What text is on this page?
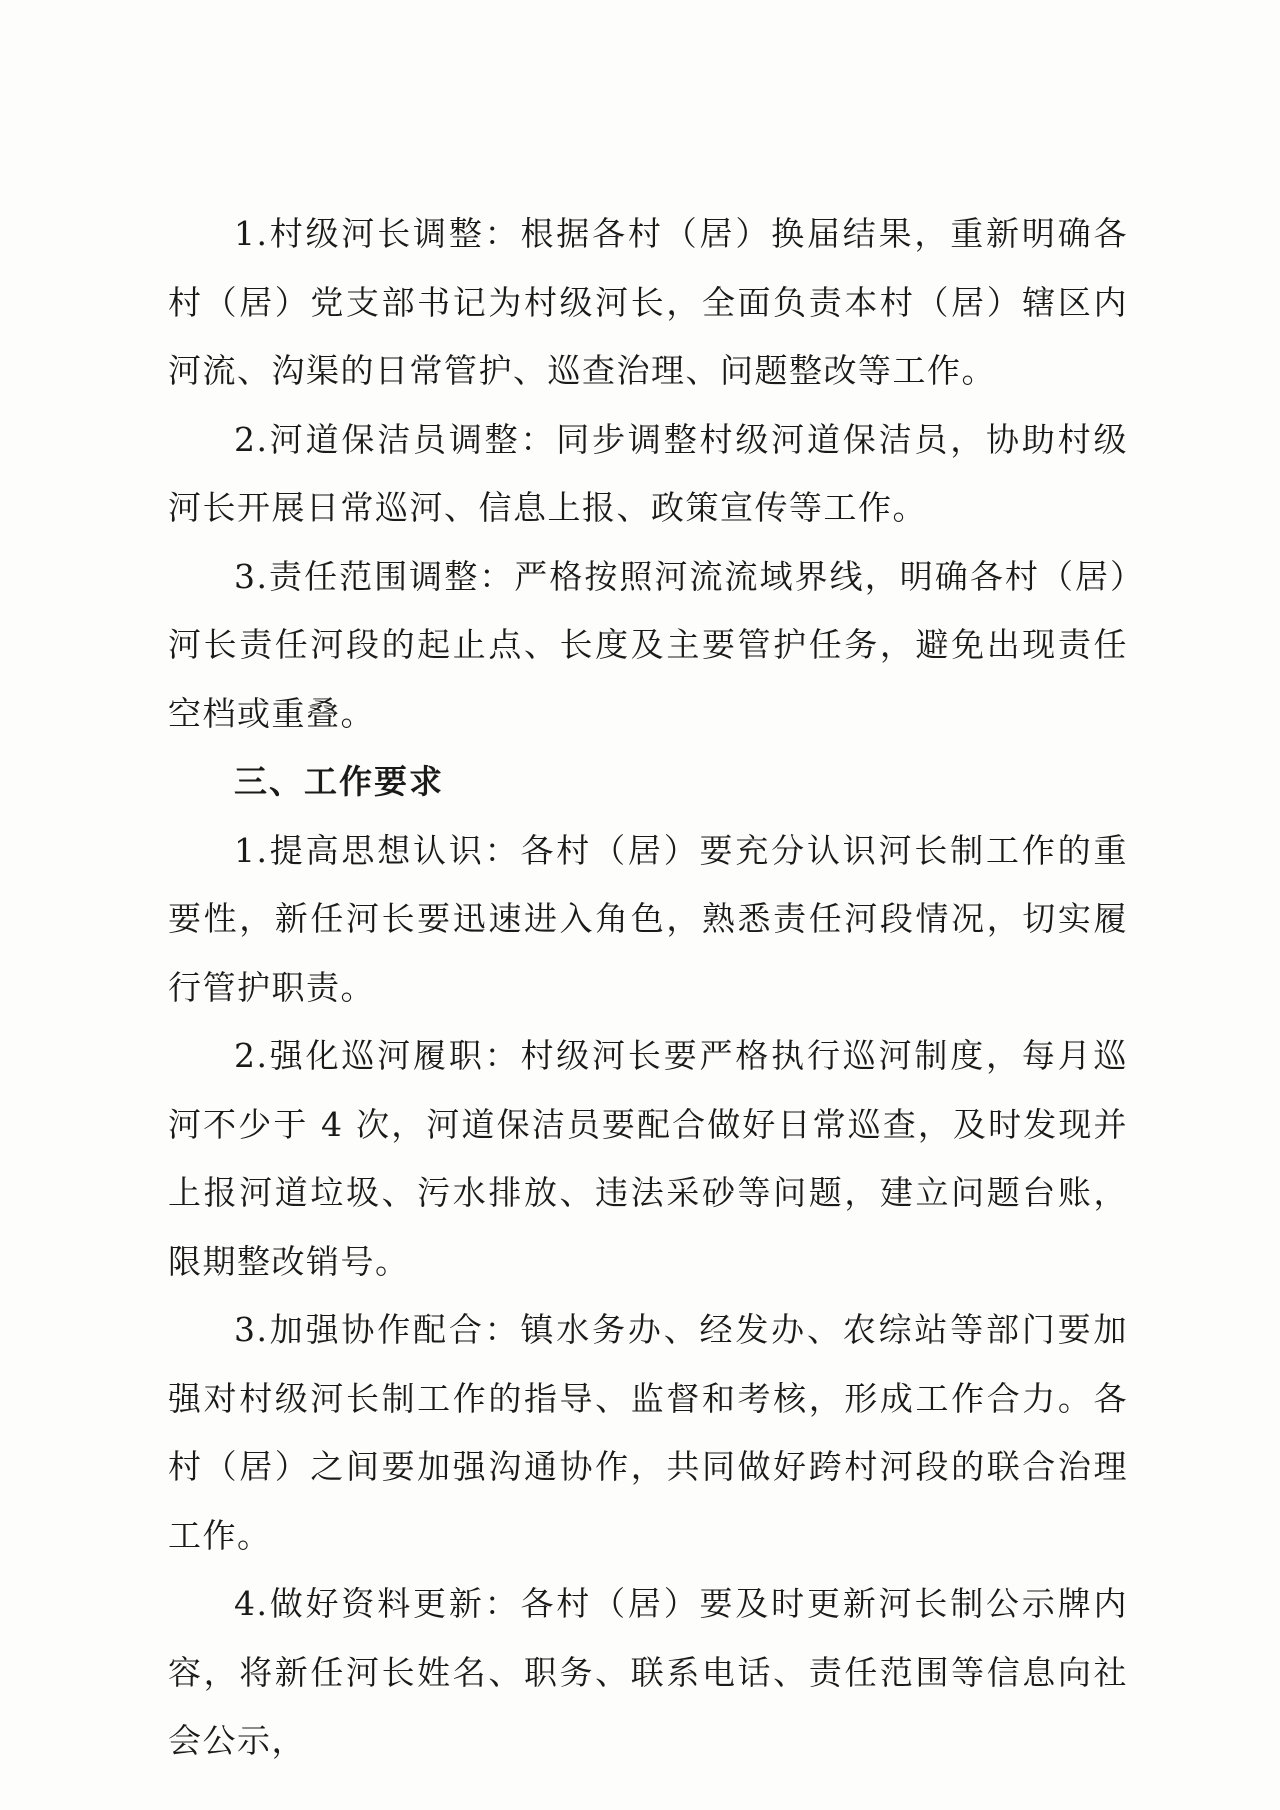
1.村级河长调整：根据各村（居）换届结果，重新明确各村（居）党支部书记为村级河长，全面负责本村（居）辖区内河流、沟渠的日常管护、巡查治理、问题整改等工作。

2.河道保洁员调整：同步调整村级河道保洁员，协助村级河长开展日常巡河、信息上报、政策宣传等工作。

3.责任范围调整：严格按照河流流域界线，明确各村（居）河长责任河段的起止点、长度及主要管护任务，避免出现责任空档或重叠。

三、工作要求

1.提高思想认识：各村（居）要充分认识河长制工作的重要性，新任河长要迅速进入角色，熟悉责任河段情况，切实履行管护职责。

2.强化巡河履职：村级河长要严格执行巡河制度，每月巡河不少于 4 次，河道保洁员要配合做好日常巡查，及时发现并上报河道垃圾、污水排放、违法采砂等问题，建立问题台账，限期整改销号。

3.加强协作配合：镇水务办、经发办、农综站等部门要加强对村级河长制工作的指导、监督和考核，形成工作合力。各村（居）之间要加强沟通协作，共同做好跨村河段的联合治理工作。

4.做好资料更新：各村（居）要及时更新河长制公示牌内容，将新任河长姓名、职务、联系电话、责任范围等信息向社会公示，
